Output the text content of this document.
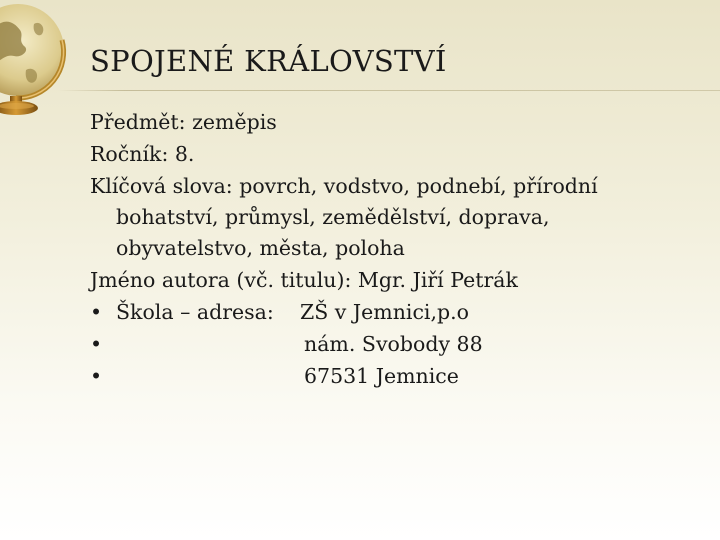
SPOJENÉ KRÁLOVSTVÍ
Předmět: zeměpis
Ročník: 8.
Klíčová slova: povrch, vodstvo, podnebí, přírodní
bohatství, průmysl, zemědělství, doprava,
obyvatelstvo, města, poloha
Jméno autora (vč. titulu): Mgr. Jiří Petrák
• Škola – adresa: ZŠ v Jemnici,p.o
•	nám. Svobody 88
•	67531 Jemnice
